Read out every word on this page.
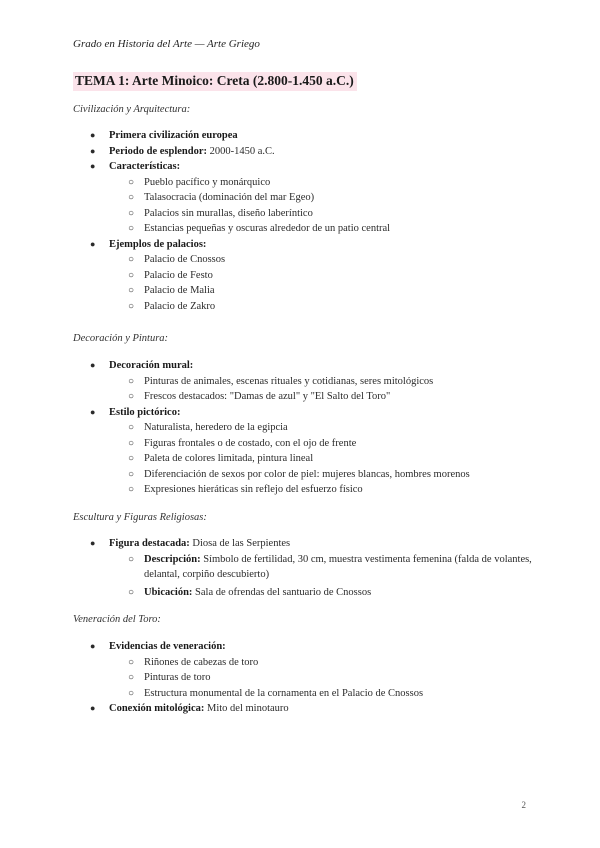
Grado en Historia del Arte — Arte Griego
TEMA 1: Arte Minoico: Creta (2.800-1.450 a.C.)
Civilización y Arquitectura:
● Primera civilización europea
● Periodo de esplendor: 2000-1450 a.C.
● Características:
○ Pueblo pacífico y monárquico
○ Talasocracia (dominación del mar Egeo)
○ Palacios sin murallas, diseño laberíntico
○ Estancias pequeñas y oscuras alrededor de un patio central
● Ejemplos de palacios:
○ Palacio de Cnossos
○ Palacio de Festo
○ Palacio de Malia
○ Palacio de Zakro
Decoración y Pintura:
● Decoración mural:
○ Pinturas de animales, escenas rituales y cotidianas, seres mitológicos
○ Frescos destacados: "Damas de azul" y "El Salto del Toro"
● Estilo pictórico:
○ Naturalista, heredero de la egipcia
○ Figuras frontales o de costado, con el ojo de frente
○ Paleta de colores limitada, pintura lineal
○ Diferenciación de sexos por color de piel: mujeres blancas, hombres morenos
○ Expresiones hieráticas sin reflejo del esfuerzo físico
Escultura y Figuras Religiosas:
● Figura destacada: Diosa de las Serpientes
○ Descripción: Símbolo de fertilidad, 30 cm, muestra vestimenta femenina (falda de volantes, delantal, corpiño descubierto)
○ Ubicación: Sala de ofrendas del santuario de Cnossos
Veneración del Toro:
● Evidencias de veneración:
○ Riñones de cabezas de toro
○ Pinturas de toro
○ Estructura monumental de la cornamenta en el Palacio de Cnossos
● Conexión mitológica: Mito del minotauro
2
